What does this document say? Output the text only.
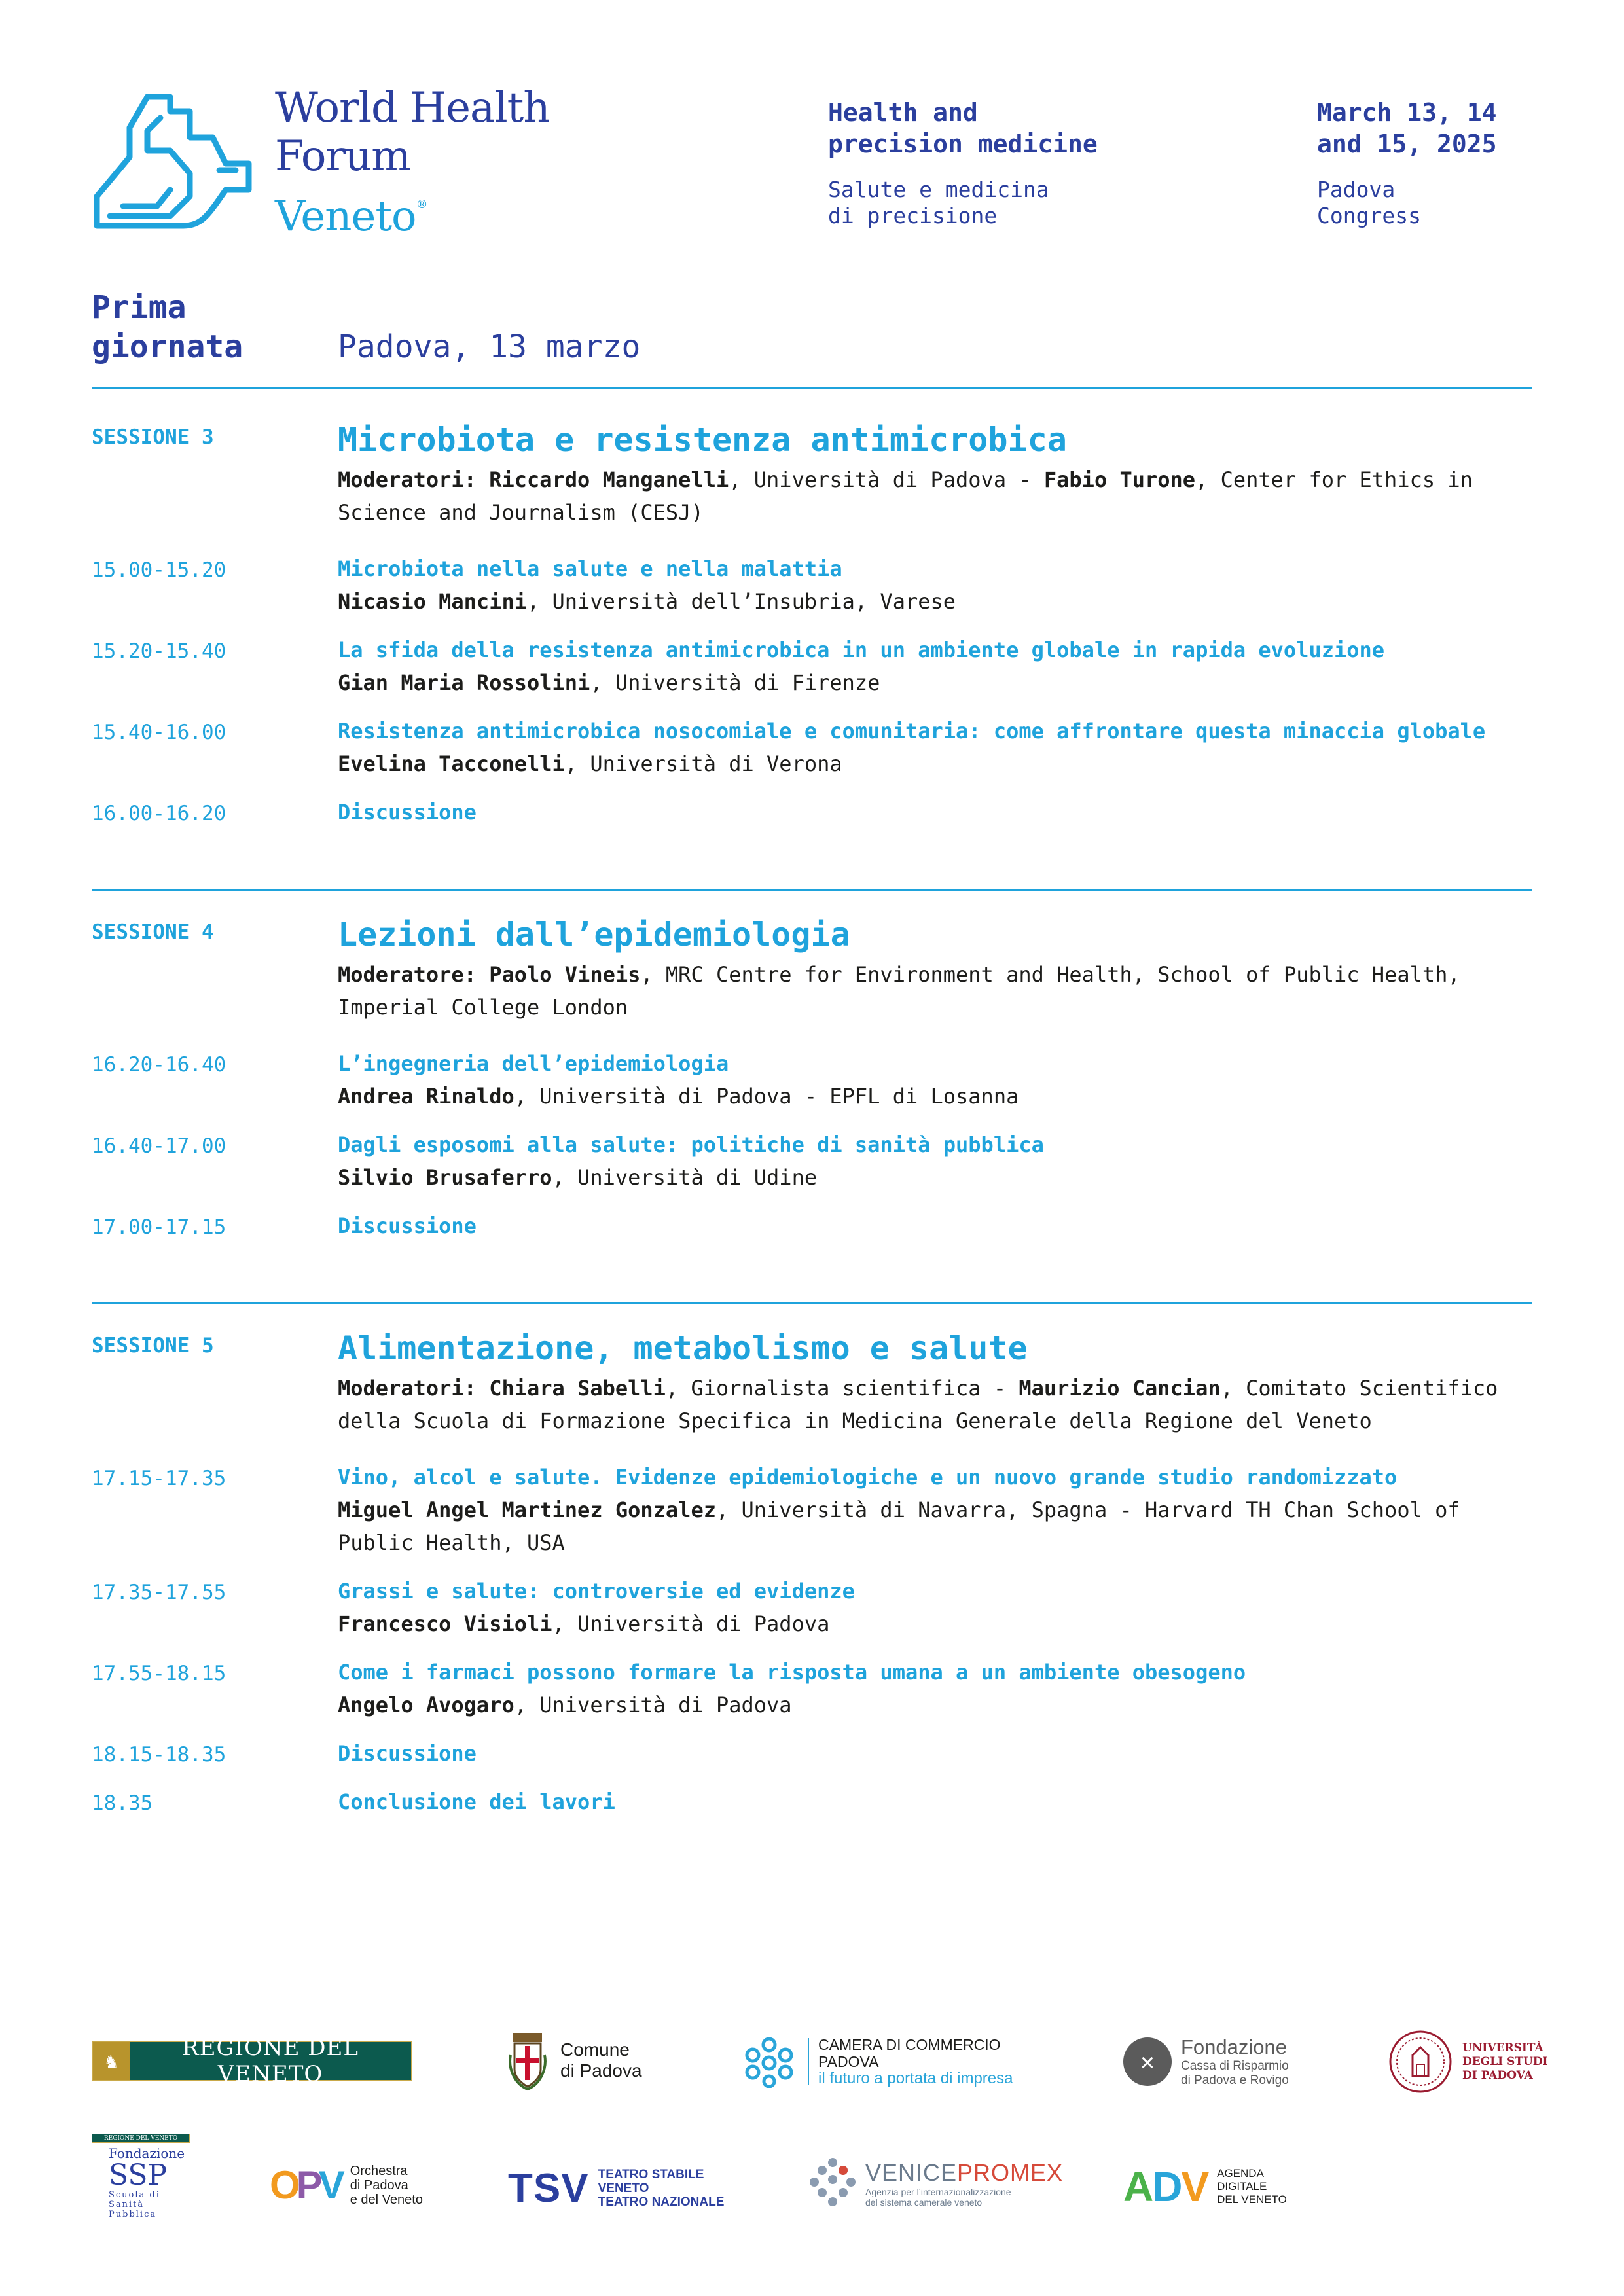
World Health
Forum
Veneto®
Health and
precision medicine
Salute e medicina
di precisione
March 13, 14
and 15, 2025
Padova
Congress
Prima
giornata	Padova, 13 marzo
SESSIONE 3	Microbiota e resistenza antimicrobica
Moderatori: Riccardo Manganelli, Università di Padova - Fabio Turone, Center for Ethics in Science and Journalism (CESJ)
15.00-15.20	Microbiota nella salute e nella malattia
Nicasio Mancini, Università dell’Insubria, Varese
15.20-15.40	La sfida della resistenza antimicrobica in un ambiente globale in rapida evoluzione
Gian Maria Rossolini, Università di Firenze
15.40-16.00	Resistenza antimicrobica nosocomiale e comunitaria: come affrontare questa minaccia globale
Evelina Tacconelli, Università di Verona
16.00-16.20	Discussione
SESSIONE 4	Lezioni dall’epidemiologia
Moderatore: Paolo Vineis, MRC Centre for Environment and Health, School of Public Health, Imperial College London
16.20-16.40	L’ingegneria dell’epidemiologia
Andrea Rinaldo, Università di Padova - EPFL di Losanna
16.40-17.00	Dagli esposomi alla salute: politiche di sanità pubblica
Silvio Brusaferro, Università di Udine
17.00-17.15	Discussione
SESSIONE 5	Alimentazione, metabolismo e salute
Moderatori: Chiara Sabelli, Giornalista scientifica - Maurizio Cancian, Comitato Scientifico della Scuola di Formazione Specifica in Medicina Generale della Regione del Veneto
17.15-17.35	Vino, alcol e salute. Evidenze epidemiologiche e un nuovo grande studio randomizzato
Miguel Angel Martinez Gonzalez, Università di Navarra, Spagna - Harvard TH Chan School of Public Health, USA
17.35-17.55	Grassi e salute: controversie ed evidenze
Francesco Visioli, Università di Padova
17.55-18.15	Come i farmaci possono formare la risposta umana a un ambiente obesogeno
Angelo Avogaro, Università di Padova
18.15-18.35	Discussione
18.35	Conclusione dei lavori
♞	REGIONE DEL VENETO
Comune
di Padova
CAMERA DI COMMERCIO
PADOVA
il futuro a portata di impresa
✕
Fondazione
Cassa di Risparmio
di Padova e Rovigo
UNIVERSITÀ
DEGLI STUDI
DI PADOVA
REGIONE DEL VENETO
Fondazione
SSP
Scuola di
Sanità
Pubblica
OPV Orchestra
di Padova
e del Veneto TSV TEATRO STABILE
VENETO
TEATRO NAZIONALE
VENICEPROMEX
Agenzia per l’internazionalizzazione
del sistema camerale veneto	ADV AGENDA
DIGITALE
DEL VENETO
